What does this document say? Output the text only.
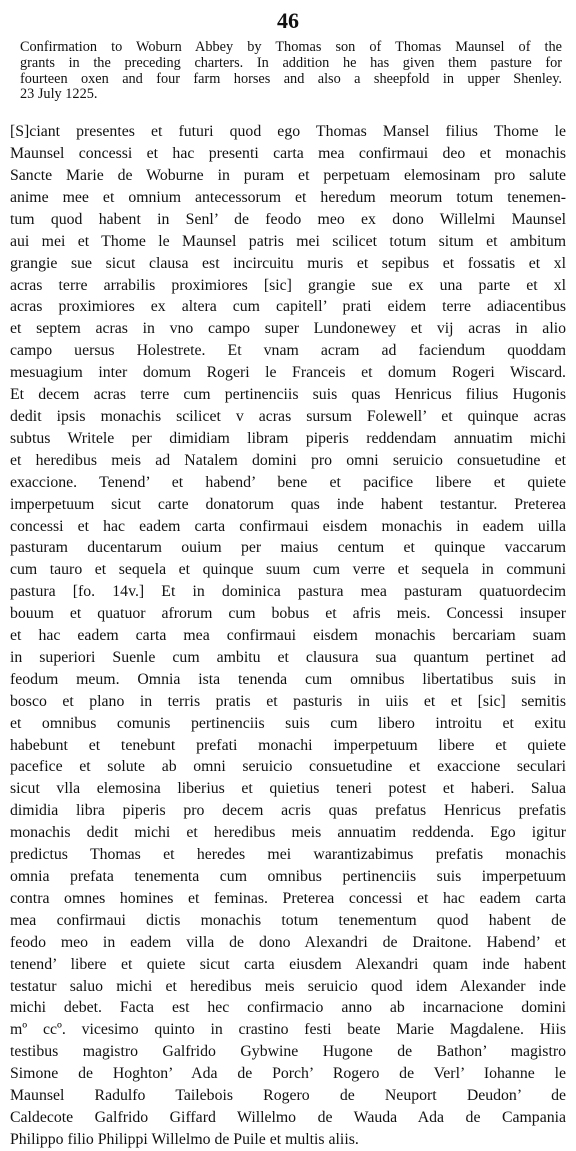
46
Confirmation to Woburn Abbey by Thomas son of Thomas Maunsel of the
grants in the preceding charters. In addition he has given them pasture for
fourteen oxen and four farm horses and also a sheepfold in upper Shenley.
23 July 1225.
[S]ciant presentes et futuri quod ego Thomas Mansel filius Thome le
Maunsel concessi et hac presenti carta mea confirmaui deo et monachis
Sancte Marie de Woburne in puram et perpetuam elemosinam pro salute
anime mee et omnium antecessorum et heredum meorum totum tenemen-
tum quod habent in Senl’ de feodo meo ex dono Willelmi Maunsel
aui mei et Thome le Maunsel patris mei scilicet totum situm et ambitum
grangie sue sicut clausa est incircuitu muris et sepibus et fossatis et xl
acras terre arrabilis proximiores [sic] grangie sue ex una parte et xl
acras proximiores ex altera cum capitell’ prati eidem terre adiacentibus
et septem acras in vno campo super Lundonewey et vij acras in alio
campo uersus Holestrete. Et vnam acram ad faciendum quoddam
mesuagium inter domum Rogeri le Franceis et domum Rogeri Wiscard.
Et decem acras terre cum pertinenciis suis quas Henricus filius Hugonis
dedit ipsis monachis scilicet v acras sursum Folewell’ et quinque acras
subtus Writele per dimidiam libram piperis reddendam annuatim michi
et heredibus meis ad Natalem domini pro omni seruicio consuetudine et
exaccione. Tenend’ et habend’ bene et pacifice libere et quiete
imperpetuum sicut carte donatorum quas inde habent testantur. Preterea
concessi et hac eadem carta confirmaui eisdem monachis in eadem uilla
pasturam ducentarum ouium per maius centum et quinque vaccarum
cum tauro et sequela et quinque suum cum verre et sequela in communi
pastura [fo. 14v.] Et in dominica pastura mea pasturam quatuordecim
bouum et quatuor afrorum cum bobus et afris meis. Concessi insuper
et hac eadem carta mea confirmaui eisdem monachis bercariam suam
in superiori Suenle cum ambitu et clausura sua quantum pertinet ad
feodum meum. Omnia ista tenenda cum omnibus libertatibus suis in
bosco et plano in terris pratis et pasturis in uiis et et [sic] semitis
et omnibus comunis pertinenciis suis cum libero introitu et exitu
habebunt et tenebunt prefati monachi imperpetuum libere et quiete
pacefice et solute ab omni seruicio consuetudine et exaccione seculari
sicut vlla elemosina liberius et quietius teneri potest et haberi. Salua
dimidia libra piperis pro decem acris quas prefatus Henricus prefatis
monachis dedit michi et heredibus meis annuatim reddenda. Ego igitur
predictus Thomas et heredes mei warantizabimus prefatis monachis
omnia prefata tenementa cum omnibus pertinenciis suis imperpetuum
contra omnes homines et feminas. Preterea concessi et hac eadem carta
mea confirmaui dictis monachis totum tenementum quod habent de
feodo meo in eadem villa de dono Alexandri de Draitone. Habend’ et
tenend’ libere et quiete sicut carta eiusdem Alexandri quam inde habent
testatur saluo michi et heredibus meis seruicio quod idem Alexander inde
michi debet. Facta est hec confirmacio anno ab incarnacione domini
mº ccº. vicesimo quinto in crastino festi beate Marie Magdalene. Hiis
testibus magistro Galfrido Gybwine Hugone de Bathon’ magistro
Simone de Hoghton’ Ada de Porch’ Rogero de Verl’ Iohanne le
Maunsel Radulfo Tailebois Rogero de Neuport Deudon’ de
Caldecote Galfrido Giffard Willelmo de Wauda Ada de Campania
Philippo filio Philippi Willelmo de Puile et multis aliis.
